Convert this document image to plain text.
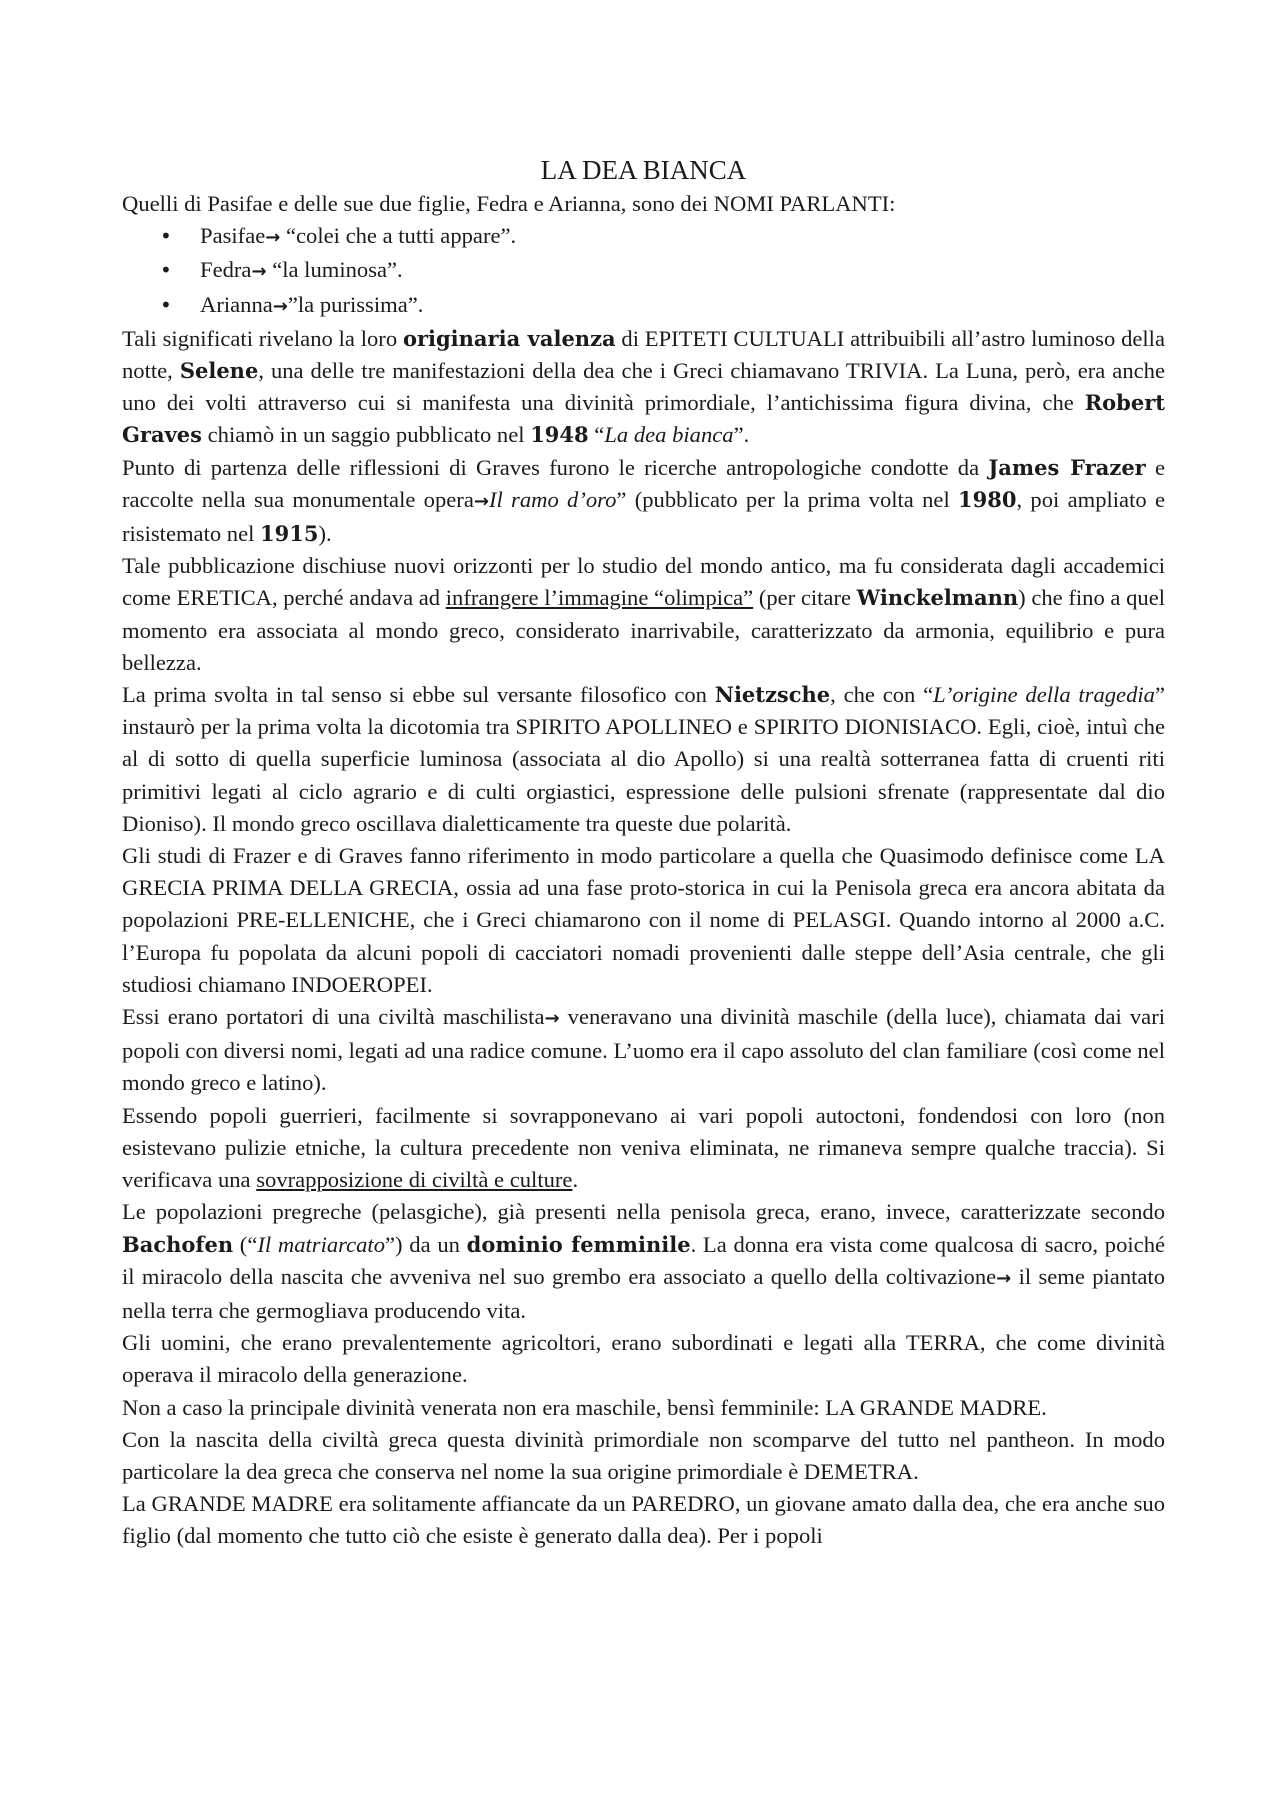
LA DEA BIANCA

Quelli di Pasifae e delle sue due figlie, Fedra e Arianna, sono dei NOMI PARLANTI:

• Pasifae→ “colei che a tutti appare”.
• Fedra→ “la luminosa”.
• Arianna→”la purissima”.

Tali significati rivelano la loro originaria valenza di EPITETI CULTUALI attribuibili all’astro luminoso della notte, Selene, una delle tre manifestazioni della dea che i Greci chiamavano TRIVIA. La Luna, però, era anche uno dei volti attraverso cui si manifesta una divinità primordiale, l’antichissima figura divina, che Robert Graves chiamò in un saggio pubblicato nel 1948 “La dea bianca”.

Punto di partenza delle riflessioni di Graves furono le ricerche antropologiche condotte da James Frazer e raccolte nella sua monumentale opera→Il ramo d’oro” (pubblicato per la prima volta nel 1980, poi ampliato e risistemato nel 1915).

Tale pubblicazione dischiuse nuovi orizzonti per lo studio del mondo antico, ma fu considerata dagli accademici come ERETICA, perché andava ad infrangere l’immagine “olimpica” (per citare Winckelmann) che fino a quel momento era associata al mondo greco, considerato inarrivabile, caratterizzato da armonia, equilibrio e pura bellezza.

La prima svolta in tal senso si ebbe sul versante filosofico con Nietzsche, che con “L’origine della tragedia” instaurò per la prima volta la dicotomia tra SPIRITO APOLLINEO e SPIRITO DIONISIACO. Egli, cioè, intuì che al di sotto di quella superficie luminosa (associata al dio Apollo) si una realtà sotterranea fatta di cruenti riti primitivi legati al ciclo agrario e di culti orgiastici, espressione delle pulsioni sfrenate (rappresentate dal dio Dioniso). Il mondo greco oscillava dialetticamente tra queste due polarità.

Gli studi di Frazer e di Graves fanno riferimento in modo particolare a quella che Quasimodo definisce come LA GRECIA PRIMA DELLA GRECIA, ossia ad una fase proto-storica in cui la Penisola greca era ancora abitata da popolazioni PRE-ELLENICHE, che i Greci chiamarono con il nome di PELASGI. Quando intorno al 2000 a.C. l’Europa fu popolata da alcuni popoli di cacciatori nomadi provenienti dalle steppe dell’Asia centrale, che gli studiosi chiamano INDOEROPEI.

Essi erano portatori di una civiltà maschilista→ veneravano una divinità maschile (della luce), chiamata dai vari popoli con diversi nomi, legati ad una radice comune. L’uomo era il capo assoluto del clan familiare (così come nel mondo greco e latino).

Essendo popoli guerrieri, facilmente si sovrapponevano ai vari popoli autoctoni, fondendosi con loro (non esistevano pulizie etniche, la cultura precedente non veniva eliminata, ne rimaneva sempre qualche traccia). Si verificava una sovrapposizione di civiltà e culture.

Le popolazioni pregreche (pelasgiche), già presenti nella penisola greca, erano, invece, caratterizzate secondo Bachofen (“Il matriarcato”) da un dominio femminile. La donna era vista come qualcosa di sacro, poiché il miracolo della nascita che avveniva nel suo grembo era associato a quello della coltivazione→ il seme piantato nella terra che germogliava producendo vita.

Gli uomini, che erano prevalentemente agricoltori, erano subordinati e legati alla TERRA, che come divinità operava il miracolo della generazione.

Non a caso la principale divinità venerata non era maschile, bensì femminile: LA GRANDE MADRE.

Con la nascita della civiltà greca questa divinità primordiale non scomparve del tutto nel pantheon. In modo particolare la dea greca che conserva nel nome la sua origine primordiale è DEMETRA.

La GRANDE MADRE era solitamente affiancate da un PAREDRO, un giovane amato dalla dea, che era anche suo figlio (dal momento che tutto ciò che esiste è generato dalla dea). Per i popoli
